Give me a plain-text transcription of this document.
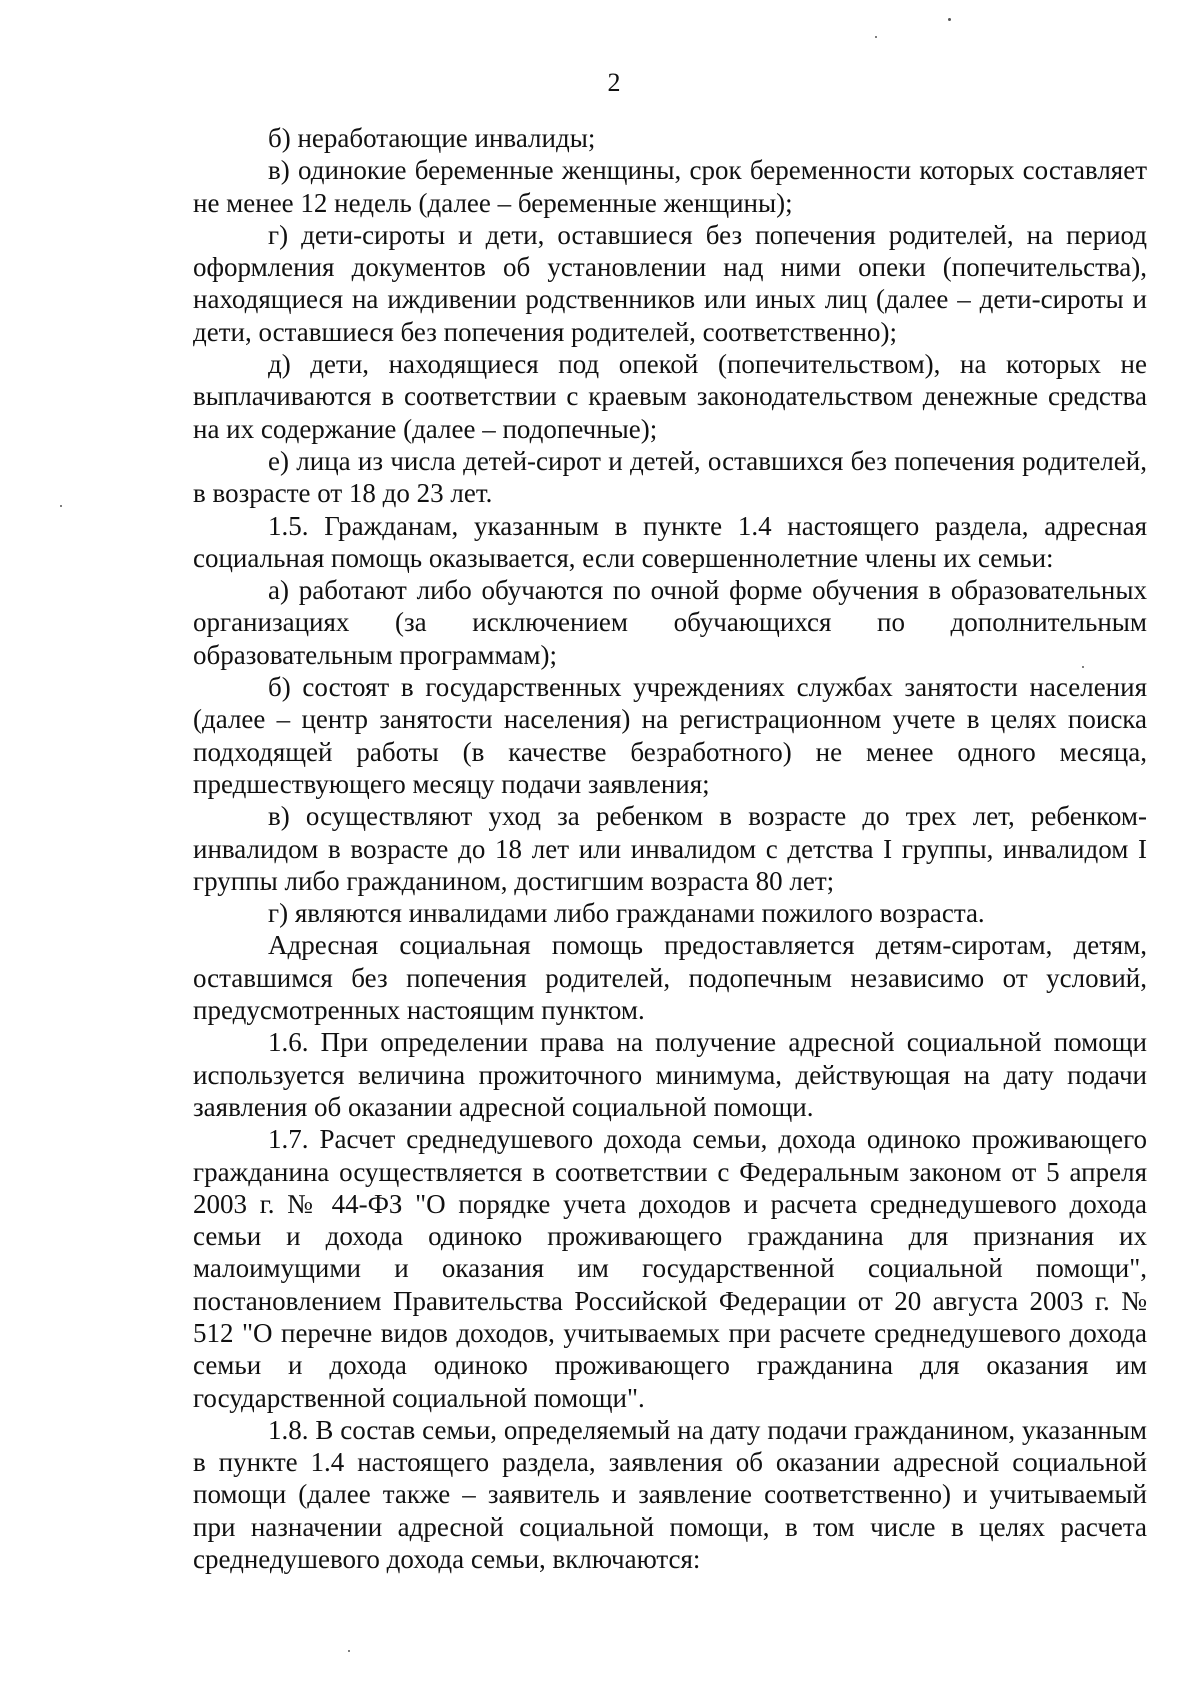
2

б) неработающие инвалиды;

в) одинокие беременные женщины, срок беременности которых составляет не менее 12 недель (далее – беременные женщины);

г) дети-сироты и дети, оставшиеся без попечения родителей, на период оформления документов об установлении над ними опеки (попечительства), находящиеся на иждивении родственников или иных лиц (далее – дети-сироты и дети, оставшиеся без попечения родителей, соответственно);

д) дети, находящиеся под опекой (попечительством), на которых не выплачиваются в соответствии с краевым законодательством денежные средства на их содержание (далее – подопечные);

е) лица из числа детей-сирот и детей, оставшихся без попечения родителей, в возрасте от 18 до 23 лет.

1.5. Гражданам, указанным в пункте 1.4 настоящего раздела, адресная социальная помощь оказывается, если совершеннолетние члены их семьи:

а) работают либо обучаются по очной форме обучения в образовательных организациях (за исключением обучающихся по дополнительным образовательным программам);

б) состоят в государственных учреждениях службах занятости населения (далее – центр занятости населения) на регистрационном учете в целях поиска подходящей работы (в качестве безработного) не менее одного месяца, предшествующего месяцу подачи заявления;

в) осуществляют уход за ребенком в возрасте до трех лет, ребенком-инвалидом в возрасте до 18 лет или инвалидом с детства I группы, инвалидом I группы либо гражданином, достигшим возраста 80 лет;

г) являются инвалидами либо гражданами пожилого возраста.

Адресная социальная помощь предоставляется детям-сиротам, детям, оставшимся без попечения родителей, подопечным независимо от условий, предусмотренных настоящим пунктом.

1.6. При определении права на получение адресной социальной помощи используется величина прожиточного минимума, действующая на дату подачи заявления об оказании адресной социальной помощи.

1.7. Расчет среднедушевого дохода семьи, дохода одиноко проживающего гражданина осуществляется в соответствии с Федеральным законом от 5 апреля 2003 г. № 44-ФЗ "О порядке учета доходов и расчета среднедушевого дохода семьи и дохода одиноко проживающего гражданина для признания их малоимущими и оказания им государственной социальной помощи", постановлением Правительства Российской Федерации от 20 августа 2003 г. № 512 "О перечне видов доходов, учитываемых при расчете среднедушевого дохода семьи и дохода одиноко проживающего гражданина для оказания им государственной социальной помощи".

1.8. В состав семьи, определяемый на дату подачи гражданином, указанным в пункте 1.4 настоящего раздела, заявления об оказании адресной социальной помощи (далее также – заявитель и заявление соответственно) и учитываемый при назначении адресной социальной помощи, в том числе в целях расчета среднедушевого дохода семьи, включаются:
